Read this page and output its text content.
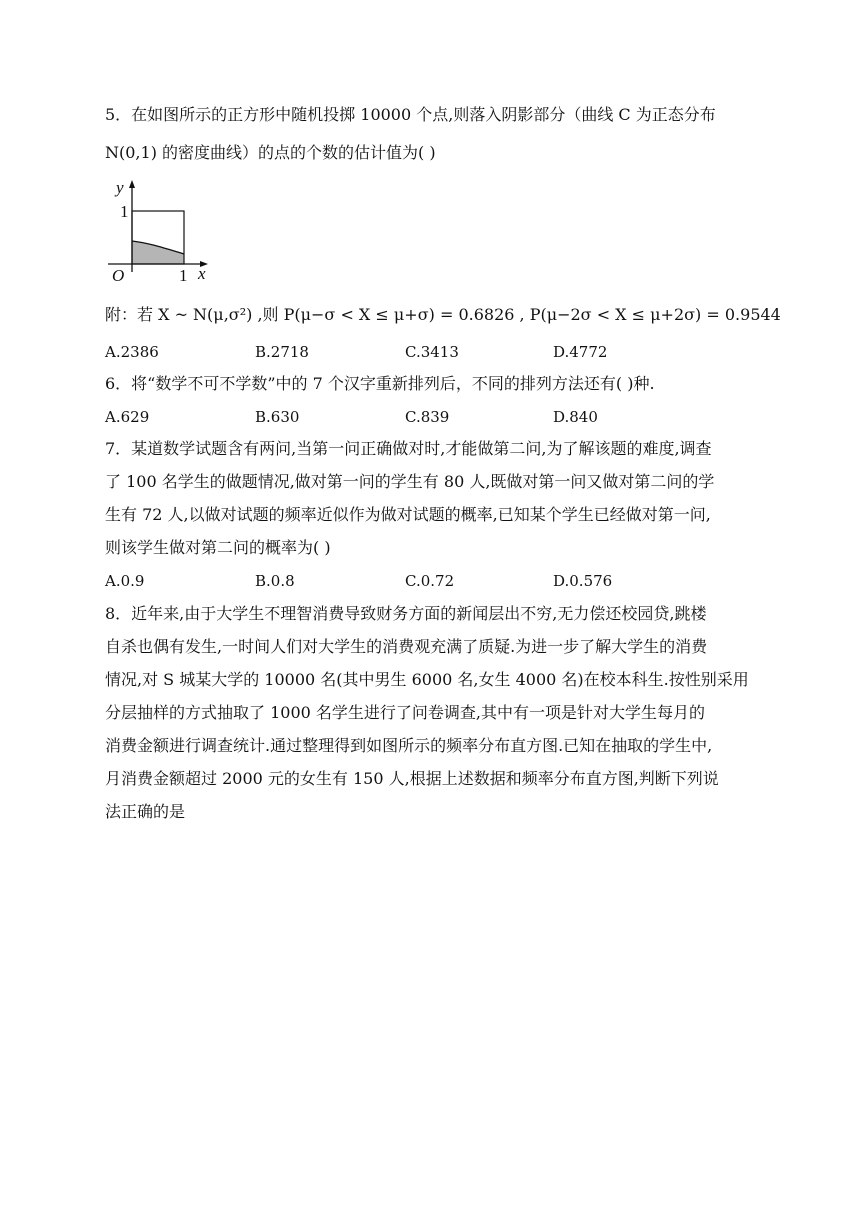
5．在如图所示的正方形中随机投掷 10000 个点,则落入阴影部分（曲线 C 为正态分布
N(0,1) 的密度曲线）的点的个数的估计值为( )
y
1
O	1 x
附：若 X ~ N(μ,σ²) ,则 P(μ−σ < X ≤ μ+σ) = 0.6826 , P(μ−2σ < X ≤ μ+2σ) = 0.9544
A.2386	B.2718	C.3413	D.4772
6．将“数学不可不学数”中的 7 个汉字重新排列后，不同的排列方法还有( )种.
A.629	B.630	C.839	D.840
7．某道数学试题含有两问,当第一问正确做对时,才能做第二问,为了解该题的难度,调查
了 100 名学生的做题情况,做对第一问的学生有 80 人,既做对第一问又做对第二问的学
生有 72 人,以做对试题的频率近似作为做对试题的概率,已知某个学生已经做对第一问,
则该学生做对第二问的概率为( )
A.0.9	B.0.8	C.0.72	D.0.576
8．近年来,由于大学生不理智消费导致财务方面的新闻层出不穷,无力偿还校园贷,跳楼
自杀也偶有发生,一时间人们对大学生的消费观充满了质疑.为进一步了解大学生的消费
情况,对 S 城某大学的 10000 名(其中男生 6000 名,女生 4000 名)在校本科生.按性别采用
分层抽样的方式抽取了 1000 名学生进行了问卷调查,其中有一项是针对大学生每月的
消费金额进行调查统计.通过整理得到如图所示的频率分布直方图.已知在抽取的学生中,
月消费金额超过 2000 元的女生有 150 人,根据上述数据和频率分布直方图,判断下列说
法正确的是
